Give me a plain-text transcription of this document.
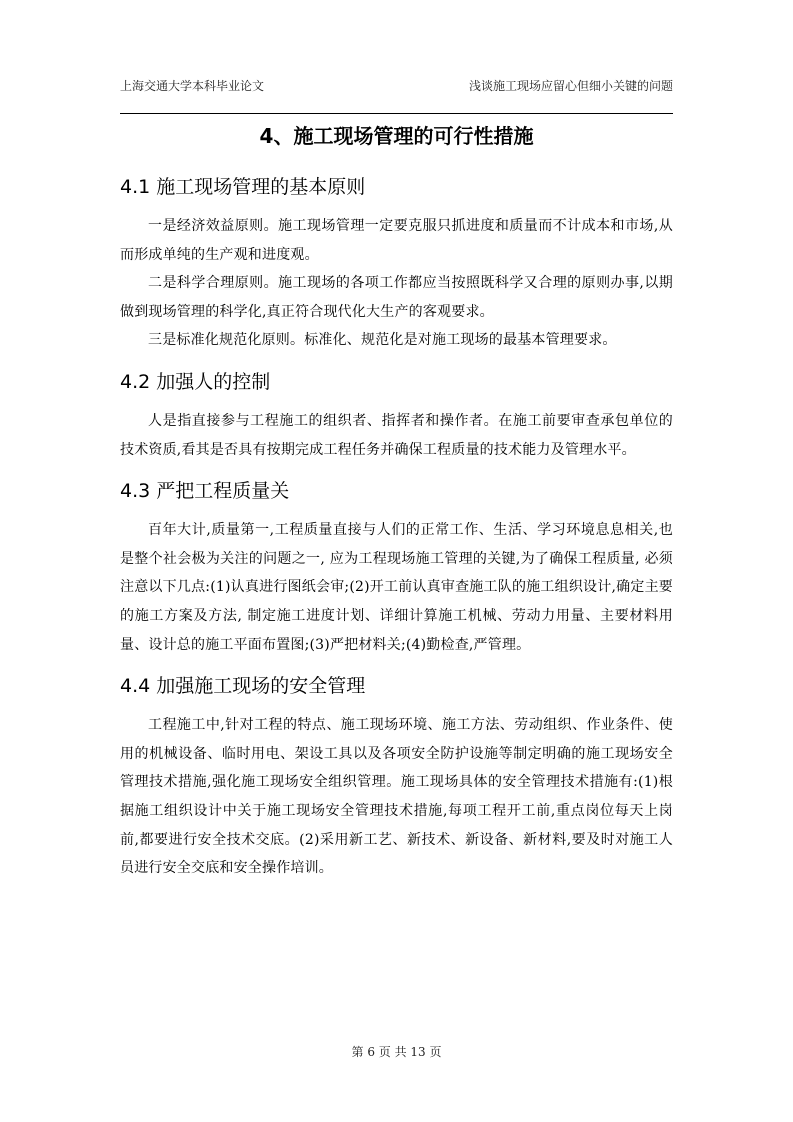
上海交通大学本科毕业论文	浅谈施工现场应留心但细小关键的问题
4、施工现场管理的可行性措施
4.1 施工现场管理的基本原则

一是经济效益原则。施工现场管理一定要克服只抓进度和质量而不计成本和市场,从而形成单纯的生产观和进度观。

二是科学合理原则。施工现场的各项工作都应当按照既科学又合理的原则办事,以期做到现场管理的科学化,真正符合现代化大生产的客观要求。

三是标准化规范化原则。标准化、规范化是对施工现场的最基本管理要求。

4.2 加强人的控制

人是指直接参与工程施工的组织者、指挥者和操作者。在施工前要审查承包单位的技术资质,看其是否具有按期完成工程任务并确保工程质量的技术能力及管理水平。

4.3 严把工程质量关

百年大计,质量第一,工程质量直接与人们的正常工作、生活、学习环境息息相关,也是整个社会极为关注的问题之一, 应为工程现场施工管理的关键,为了确保工程质量, 必须注意以下几点:(1)认真进行图纸会审;(2)开工前认真审查施工队的施工组织设计,确定主要的施工方案及方法, 制定施工进度计划、详细计算施工机械、劳动力用量、主要材料用量、设计总的施工平面布置图;(3)严把材料关;(4)勤检查,严管理。

4.4 加强施工现场的安全管理

工程施工中,针对工程的特点、施工现场环境、施工方法、劳动组织、作业条件、使用的机械设备、临时用电、架设工具以及各项安全防护设施等制定明确的施工现场安全管理技术措施,强化施工现场安全组织管理。施工现场具体的安全管理技术措施有:(1)根据施工组织设计中关于施工现场安全管理技术措施,每项工程开工前,重点岗位每天上岗前,都要进行安全技术交底。(2)采用新工艺、新技术、新设备、新材料,要及时对施工人员进行安全交底和安全操作培训。

第 6 页 共 13 页
